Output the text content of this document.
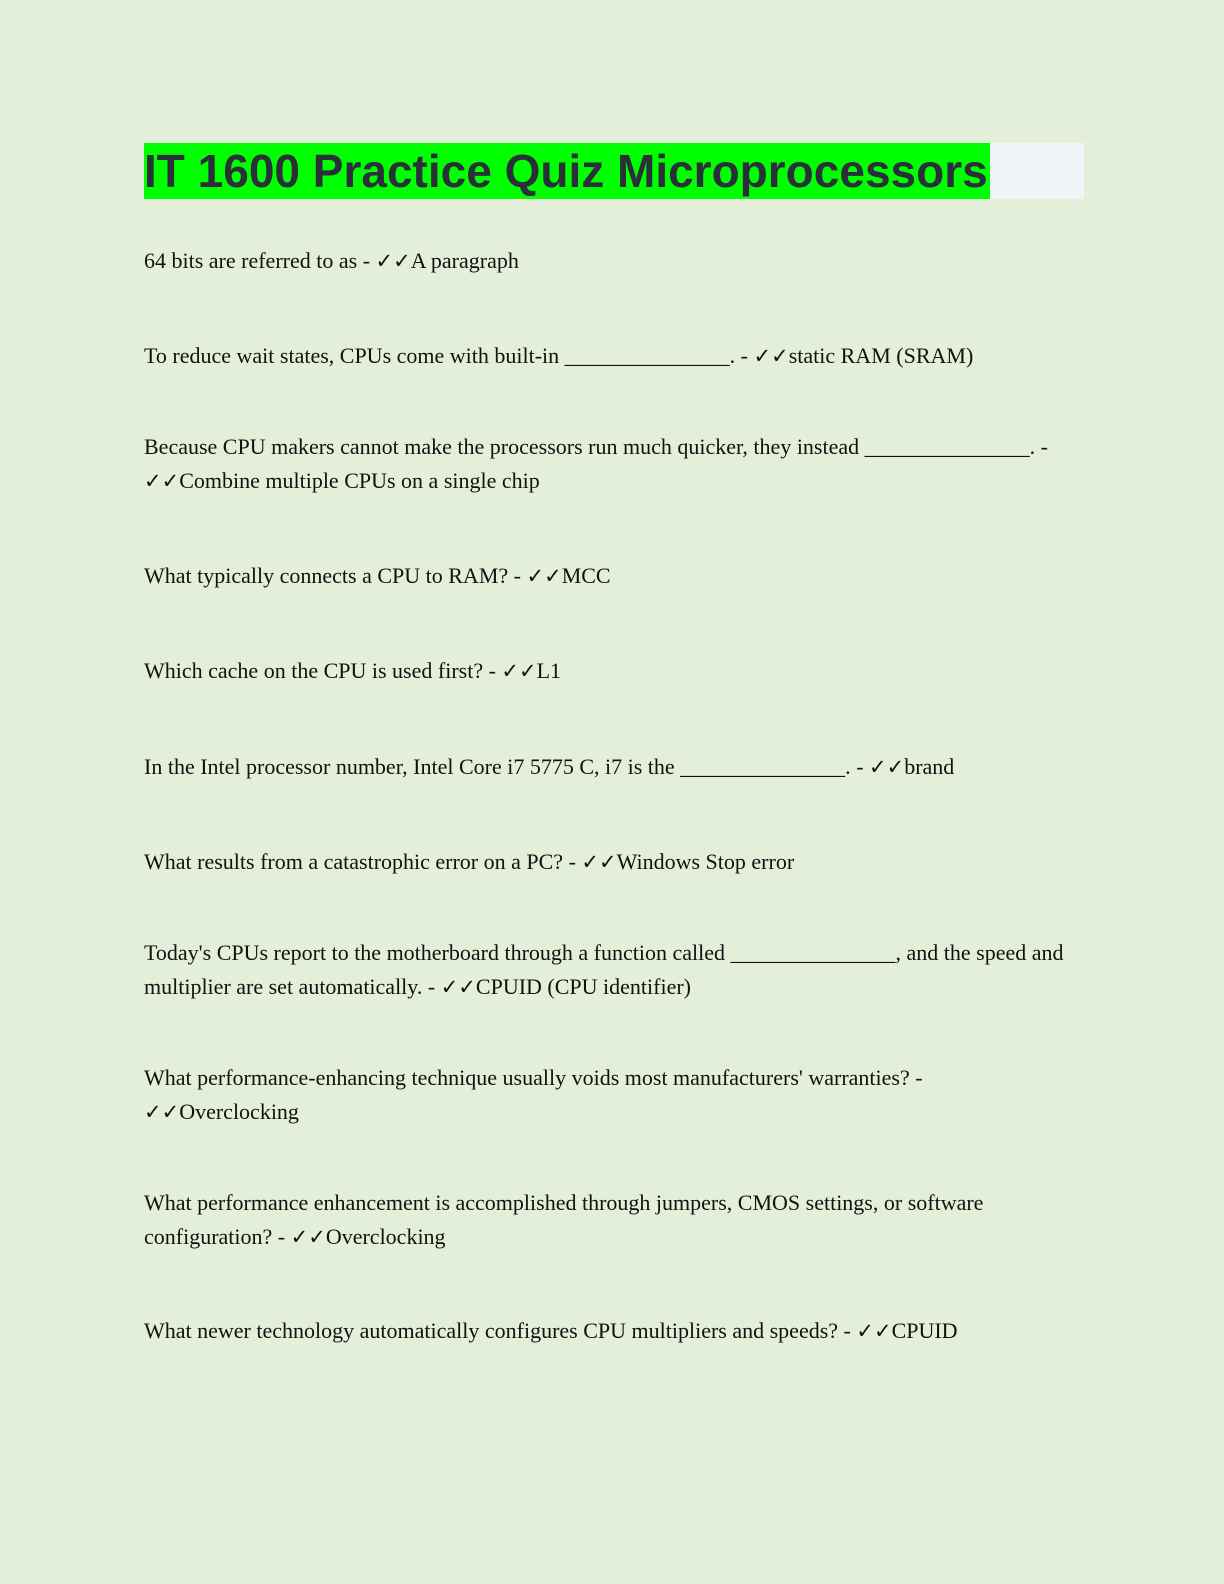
IT 1600 Practice Quiz Microprocessors

64 bits are referred to as - ✓✓A paragraph

To reduce wait states, CPUs come with built-in _______________. - ✓✓static RAM (SRAM)

Because CPU makers cannot make the processors run much quicker, they instead _______________. - ✓✓Combine multiple CPUs on a single chip

What typically connects a CPU to RAM? - ✓✓MCC

Which cache on the CPU is used first? - ✓✓L1

In the Intel processor number, Intel Core i7 5775 C, i7 is the _______________. - ✓✓brand

What results from a catastrophic error on a PC? - ✓✓Windows Stop error

Today's CPUs report to the motherboard through a function called _______________, and the speed and multiplier are set automatically. - ✓✓CPUID (CPU identifier)

What performance-enhancing technique usually voids most manufacturers' warranties? - ✓✓Overclocking

What performance enhancement is accomplished through jumpers, CMOS settings, or software configuration? - ✓✓Overclocking

What newer technology automatically configures CPU multipliers and speeds? - ✓✓CPUID
